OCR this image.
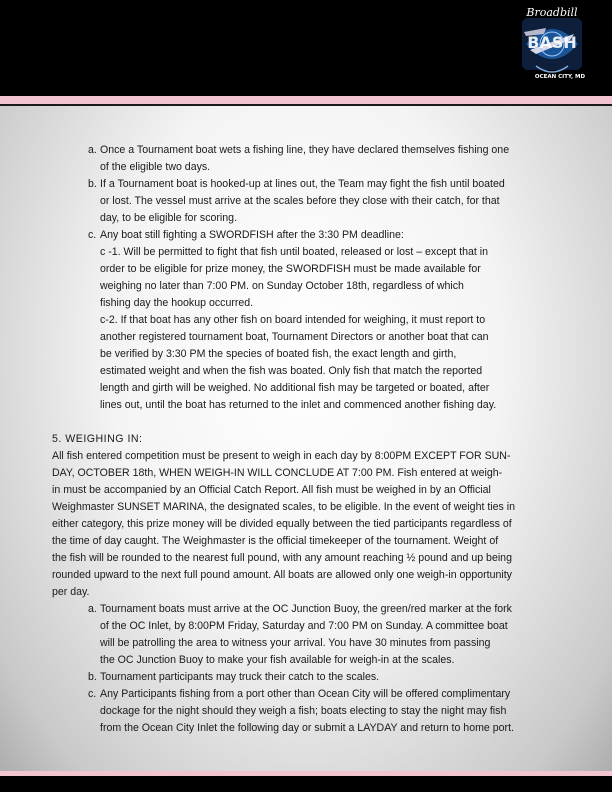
Broadbill
BASH
OCEAN CITY, MD
a. Once a Tournament boat wets a fishing line, they have declared themselves fishing one
of the eligible two days.
b. If a Tournament boat is hooked-up at lines out, the Team may fight the fish until boated
or lost. The vessel must arrive at the scales before they close with their catch, for that
day, to be eligible for scoring.
c. Any boat still fighting a SWORDFISH after the 3:30 PM deadline:
c -1. Will be permitted to fight that fish until boated, released or lost – except that in
order to be eligible for prize money, the SWORDFISH must be made available for
weighing no later than 7:00 PM. on Sunday October 18th, regardless of which
fishing day the hookup occurred.
c-2. If that boat has any other fish on board intended for weighing, it must report to
another registered tournament boat, Tournament Directors or another boat that can
be verified by 3:30 PM the species of boated fish, the exact length and girth,
estimated weight and when the fish was boated. Only fish that match the reported
length and girth will be weighed. No additional fish may be targeted or boated, after
lines out, until the boat has returned to the inlet and commenced another fishing day.
5. WEIGHING IN:
All fish entered competition must be present to weigh in each day by 8:00PM EXCEPT FOR SUN-
DAY, OCTOBER 18th, WHEN WEIGH-IN WILL CONCLUDE AT 7:00 PM. Fish entered at weigh-
in must be accompanied by an Official Catch Report. All fish must be weighed in by an Official
Weighmaster SUNSET MARINA, the designated scales, to be eligible. In the event of weight ties in
either category, this prize money will be divided equally between the tied participants regardless of
the time of day caught. The Weighmaster is the official timekeeper of the tournament. Weight of
the fish will be rounded to the nearest full pound, with any amount reaching ½ pound and up being
rounded upward to the next full pound amount. All boats are allowed only one weigh-in opportunity
per day.
a. Tournament boats must arrive at the OC Junction Buoy, the green/red marker at the fork
of the OC Inlet, by 8:00PM Friday, Saturday and 7:00 PM on Sunday. A committee boat
will be patrolling the area to witness your arrival. You have 30 minutes from passing
the OC Junction Buoy to make your fish available for weigh-in at the scales.
b. Tournament participants may truck their catch to the scales.
c. Any Participants fishing from a port other than Ocean City will be offered complimentary
dockage for the night should they weigh a fish; boats electing to stay the night may fish
from the Ocean City Inlet the following day or submit a LAYDAY and return to home port.
